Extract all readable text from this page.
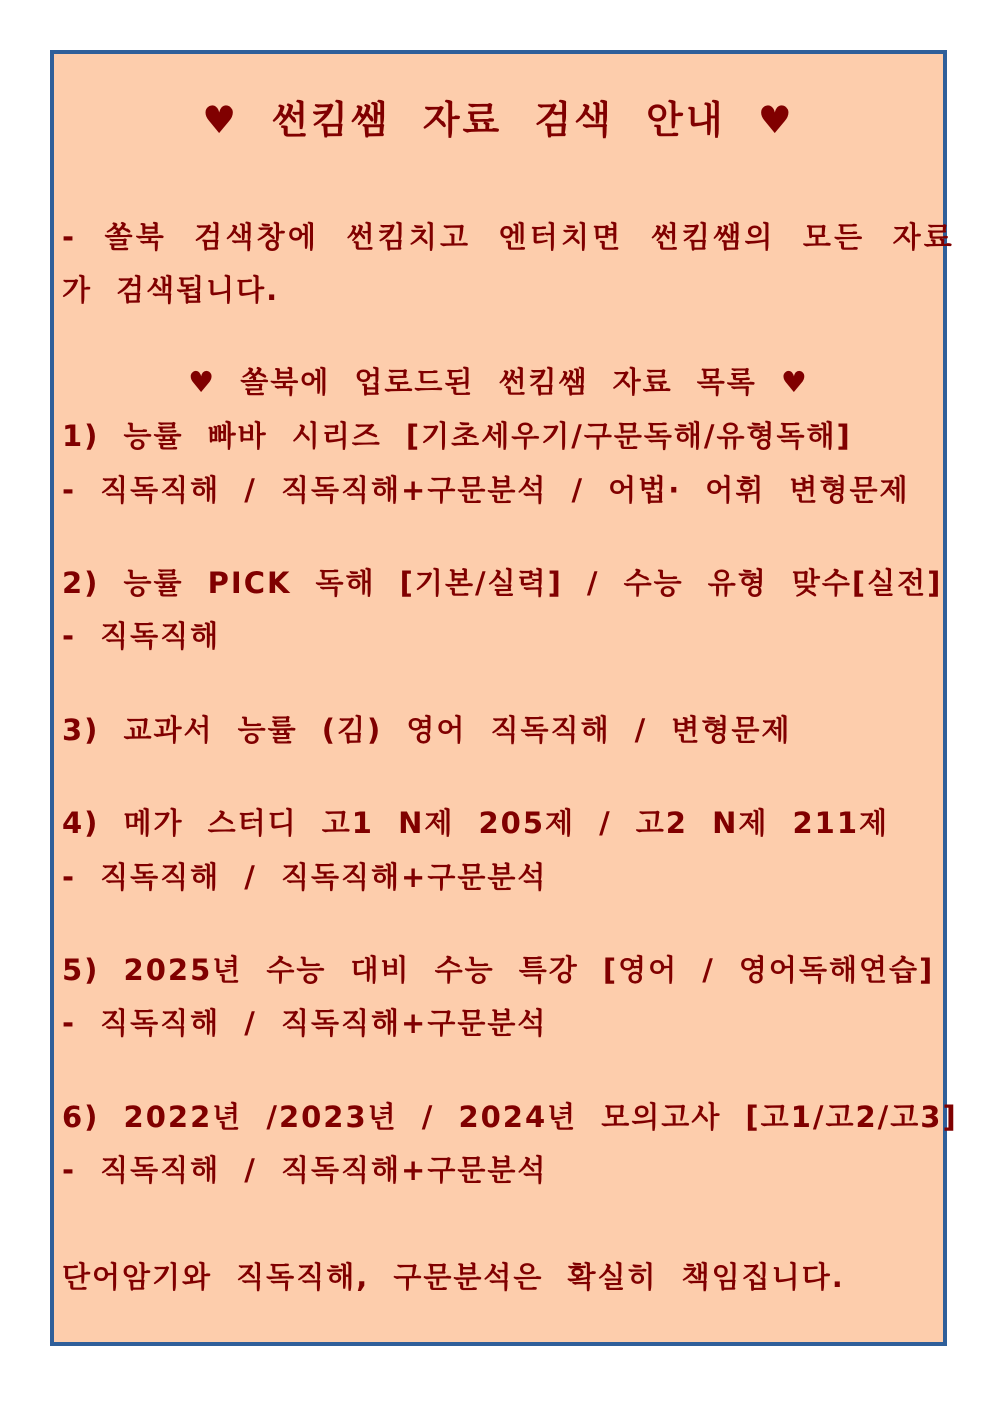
♥ 썬킴쌤 자료 검색 안내 ♥
- 쏠북 검색창에 썬킴치고 엔터치면 썬킴쌤의 모든 자료
가 검색됩니다.
♥ 쏠북에 업로드된 썬킴쌤 자료 목록 ♥
1) 능률 빠바 시리즈 [기초세우기/구문독해/유형독해]
- 직독직해 / 직독직해+구문분석 / 어법· 어휘 변형문제
2) 능률 PICK 독해 [기본/실력] / 수능 유형 맞수[실전]
- 직독직해
3) 교과서 능률 (김) 영어 직독직해 / 변형문제
4) 메가 스터디 고1 N제 205제 / 고2 N제 211제
- 직독직해 / 직독직해+구문분석
5) 2025년 수능 대비 수능 특강 [영어 / 영어독해연습]
- 직독직해 / 직독직해+구문분석
6) 2022년 /2023년 / 2024년 모의고사 [고1/고2/고3]
- 직독직해 / 직독직해+구문분석
단어암기와 직독직해, 구문분석은 확실히 책임집니다.
